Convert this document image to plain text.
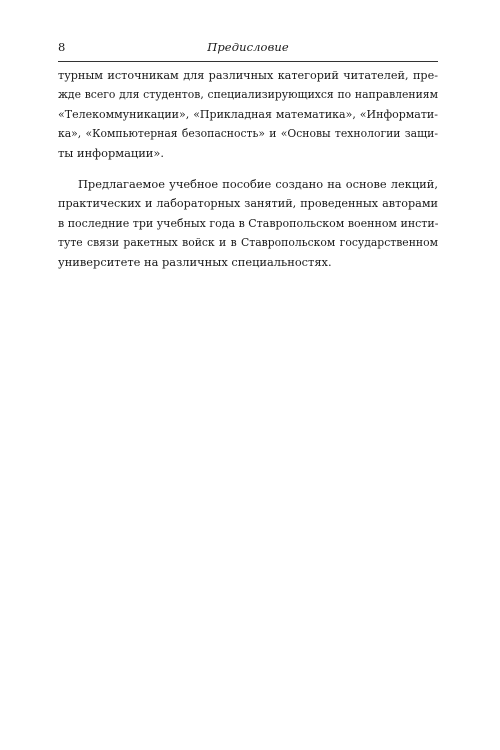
8	Предисловие
турным источникам для различных категорий читателей, пре-
жде всего для студентов, специализирующихся по направлениям
«Телекоммуникации», «Прикладная математика», «Информати-
ка», «Компьютерная безопасность» и «Основы технологии защи-
ты информации».
Предлагаемое учебное пособие создано на основе лекций,
практических и лабораторных занятий, проведенных авторами
в последние три учебных года в Ставропольском военном инсти-
туте связи ракетных войск и в Ставропольском государственном
университете на различных специальностях.
